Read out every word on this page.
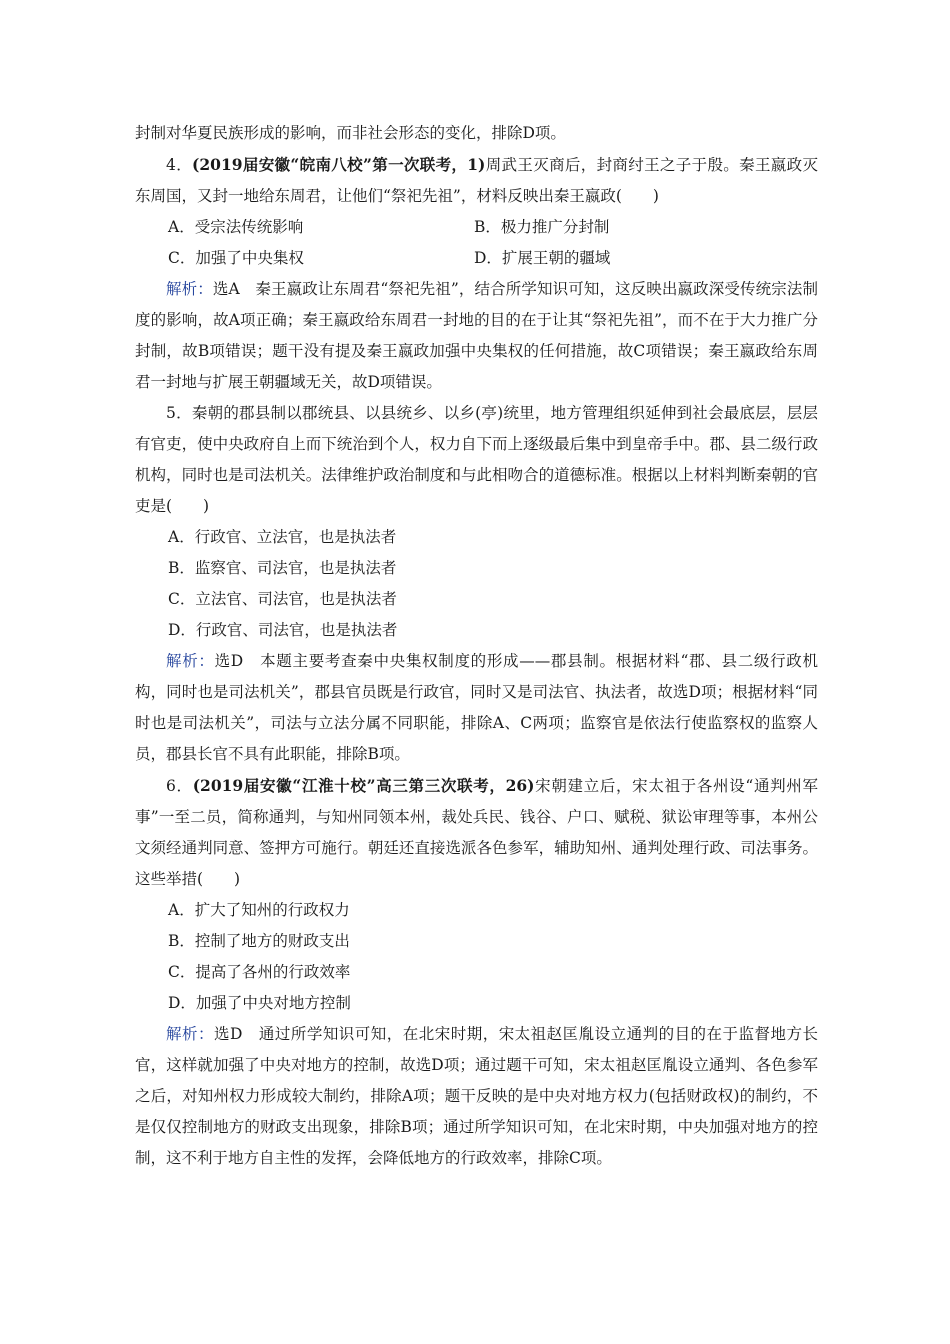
封制对华夏民族形成的影响，而非社会形态的变化，排除D项。

4．(2019届安徽“皖南八校”第一次联考，1)周武王灭商后，封商纣王之子于殷。秦王嬴政灭东周国，又封一地给东周君，让他们“祭祀先祖”，材料反映出秦王嬴政(　　)

A．受宗法传统影响	B．极力推广分封制
C．加强了中央集权	D．扩展王朝的疆域

解析：选A　秦王嬴政让东周君“祭祀先祖”，结合所学知识可知，这反映出嬴政深受传统宗法制度的影响，故A项正确；秦王嬴政给东周君一封地的目的在于让其“祭祀先祖”，而不在于大力推广分封制，故B项错误；题干没有提及秦王嬴政加强中央集权的任何措施，故C项错误；秦王嬴政给东周君一封地与扩展王朝疆域无关，故D项错误。

5．秦朝的郡县制以郡统县、以县统乡、以乡(亭)统里，地方管理组织延伸到社会最底层，层层有官吏，使中央政府自上而下统治到个人，权力自下而上逐级最后集中到皇帝手中。郡、县二级行政机构，同时也是司法机关。法律维护政治制度和与此相吻合的道德标准。根据以上材料判断秦朝的官吏是(　　)

A．行政官、立法官，也是执法者
B．监察官、司法官，也是执法者
C．立法官、司法官，也是执法者
D．行政官、司法官，也是执法者

解析：选D　本题主要考查秦中央集权制度的形成——郡县制。根据材料“郡、县二级行政机构，同时也是司法机关”，郡县官员既是行政官，同时又是司法官、执法者，故选D项；根据材料“同时也是司法机关”，司法与立法分属不同职能，排除A、C两项；监察官是依法行使监察权的监察人员，郡县长官不具有此职能，排除B项。

6．(2019届安徽“江淮十校”高三第三次联考，26)宋朝建立后，宋太祖于各州设“通判州军事”一至二员，简称通判，与知州同领本州，裁处兵民、钱谷、户口、赋税、狱讼审理等事，本州公文须经通判同意、签押方可施行。朝廷还直接选派各色参军，辅助知州、通判处理行政、司法事务。这些举措(　　)

A．扩大了知州的行政权力
B．控制了地方的财政支出
C．提高了各州的行政效率
D．加强了中央对地方控制

解析：选D　通过所学知识可知，在北宋时期，宋太祖赵匡胤设立通判的目的在于监督地方长官，这样就加强了中央对地方的控制，故选D项；通过题干可知，宋太祖赵匡胤设立通判、各色参军之后，对知州权力形成较大制约，排除A项；题干反映的是中央对地方权力(包括财政权)的制约，不是仅仅控制地方的财政支出现象，排除B项；通过所学知识可知，在北宋时期，中央加强对地方的控制，这不利于地方自主性的发挥，会降低地方的行政效率，排除C项。
